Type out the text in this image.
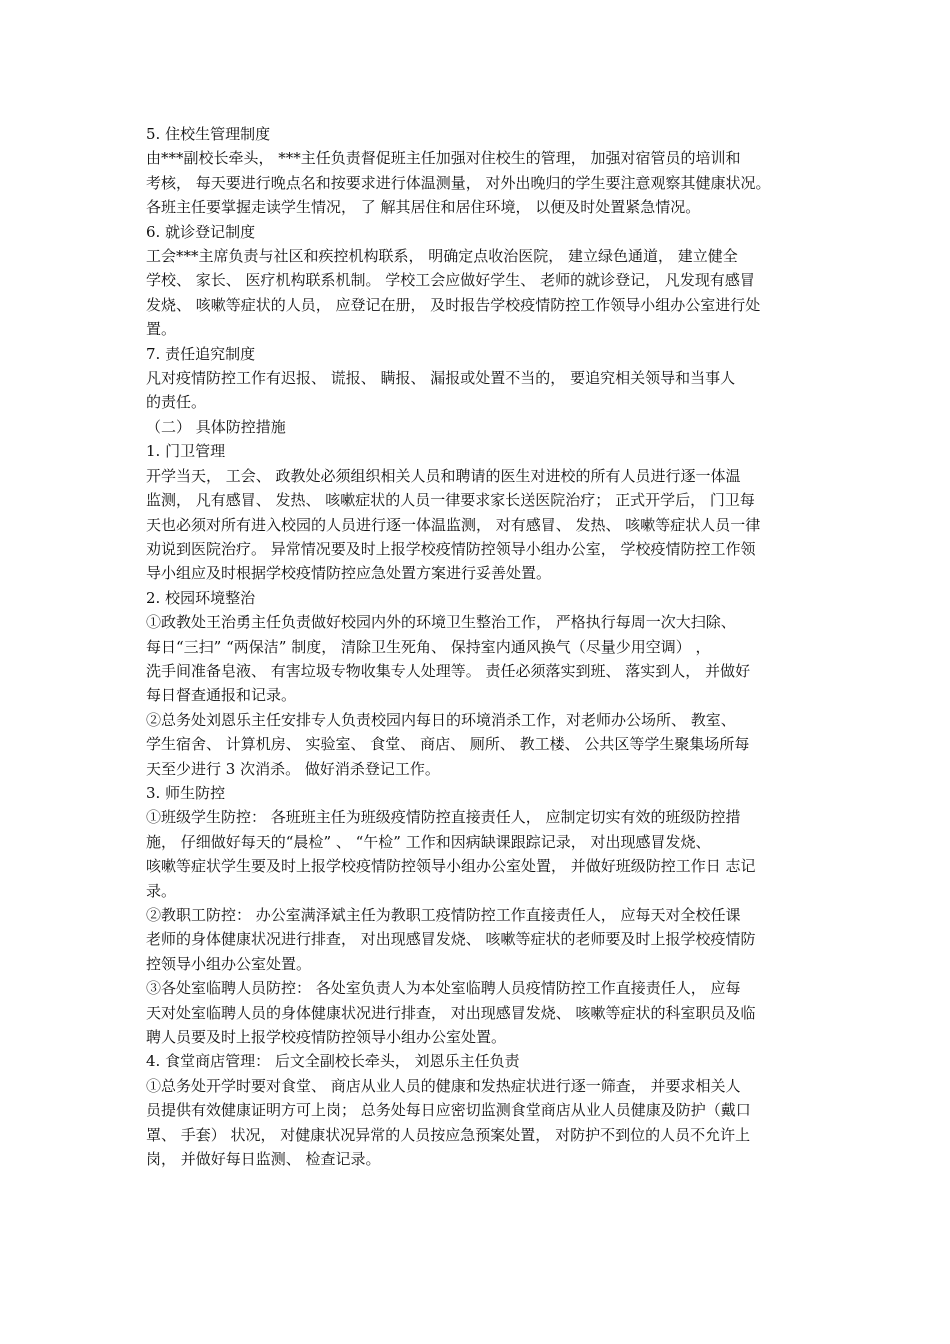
5. 住校生管理制度
由***副校长牵头， ***主任负责督促班主任加强对住校生的管理， 加强对宿管员的培训和
考核， 每天要进行晚点名和按要求进行体温测量， 对外出晚归的学生要注意观察其健康状况。
各班主任要掌握走读学生情况， 了 解其居住和居住环境， 以便及时处置紧急情况。
6. 就诊登记制度
工会***主席负责与社区和疾控机构联系， 明确定点收治医院， 建立绿色通道， 建立健全
学校、 家长、 医疗机构联系机制。 学校工会应做好学生、 老师的就诊登记， 凡发现有感冒
发烧、 咳嗽等症状的人员， 应登记在册， 及时报告学校疫情防控工作领导小组办公室进行处
置。
7. 责任追究制度
凡对疫情防控工作有迟报、 谎报、 瞒报、 漏报或处置不当的， 要追究相关领导和当事人
的责任。
（二） 具体防控措施
1. 门卫管理
开学当天， 工会、 政教处必须组织相关人员和聘请的医生对进校的所有人员进行逐一体温
监测， 凡有感冒、 发热、 咳嗽症状的人员一律要求家长送医院治疗； 正式开学后， 门卫每
天也必须对所有进入校园的人员进行逐一体温监测， 对有感冒、 发热、 咳嗽等症状人员一律
劝说到医院治疗。 异常情况要及时上报学校疫情防控领导小组办公室， 学校疫情防控工作领
导小组应及时根据学校疫情防控应急处置方案进行妥善处置。
2. 校园环境整治
①政教处王治勇主任负责做好校园内外的环境卫生整治工作， 严格执行每周一次大扫除、
每日“三扫” “两保洁” 制度， 清除卫生死角、 保持室内通风换气（尽量少用空调） ，
洗手间准备皂液、 有害垃圾专物收集专人处理等。 责任必须落实到班、 落实到人， 并做好
每日督查通报和记录。
②总务处刘恩乐主任安排专人负责校园内每日的环境消杀工作，对老师办公场所、 教室、
学生宿舍、 计算机房、 实验室、 食堂、 商店、 厕所、 教工楼、 公共区等学生聚集场所每
天至少进行 3 次消杀。 做好消杀登记工作。
3. 师生防控
①班级学生防控： 各班班主任为班级疫情防控直接责任人， 应制定切实有效的班级防控措
施， 仔细做好每天的“晨检” 、 “午检” 工作和因病缺课跟踪记录， 对出现感冒发烧、
咳嗽等症状学生要及时上报学校疫情防控领导小组办公室处置， 并做好班级防控工作日 志记
录。
②教职工防控： 办公室满泽斌主任为教职工疫情防控工作直接责任人， 应每天对全校任课
老师的身体健康状况进行排查， 对出现感冒发烧、 咳嗽等症状的老师要及时上报学校疫情防
控领导小组办公室处置。
③各处室临聘人员防控： 各处室负责人为本处室临聘人员疫情防控工作直接责任人， 应每
天对处室临聘人员的身体健康状况进行排查， 对出现感冒发烧、 咳嗽等症状的科室职员及临
聘人员要及时上报学校疫情防控领导小组办公室处置。
4. 食堂商店管理： 后文全副校长牵头， 刘恩乐主任负责
①总务处开学时要对食堂、 商店从业人员的健康和发热症状进行逐一筛查， 并要求相关人
员提供有效健康证明方可上岗； 总务处每日应密切监测食堂商店从业人员健康及防护（戴口
罩、 手套） 状况， 对健康状况异常的人员按应急预案处置， 对防护不到位的人员不允许上
岗， 并做好每日监测、 检查记录。
